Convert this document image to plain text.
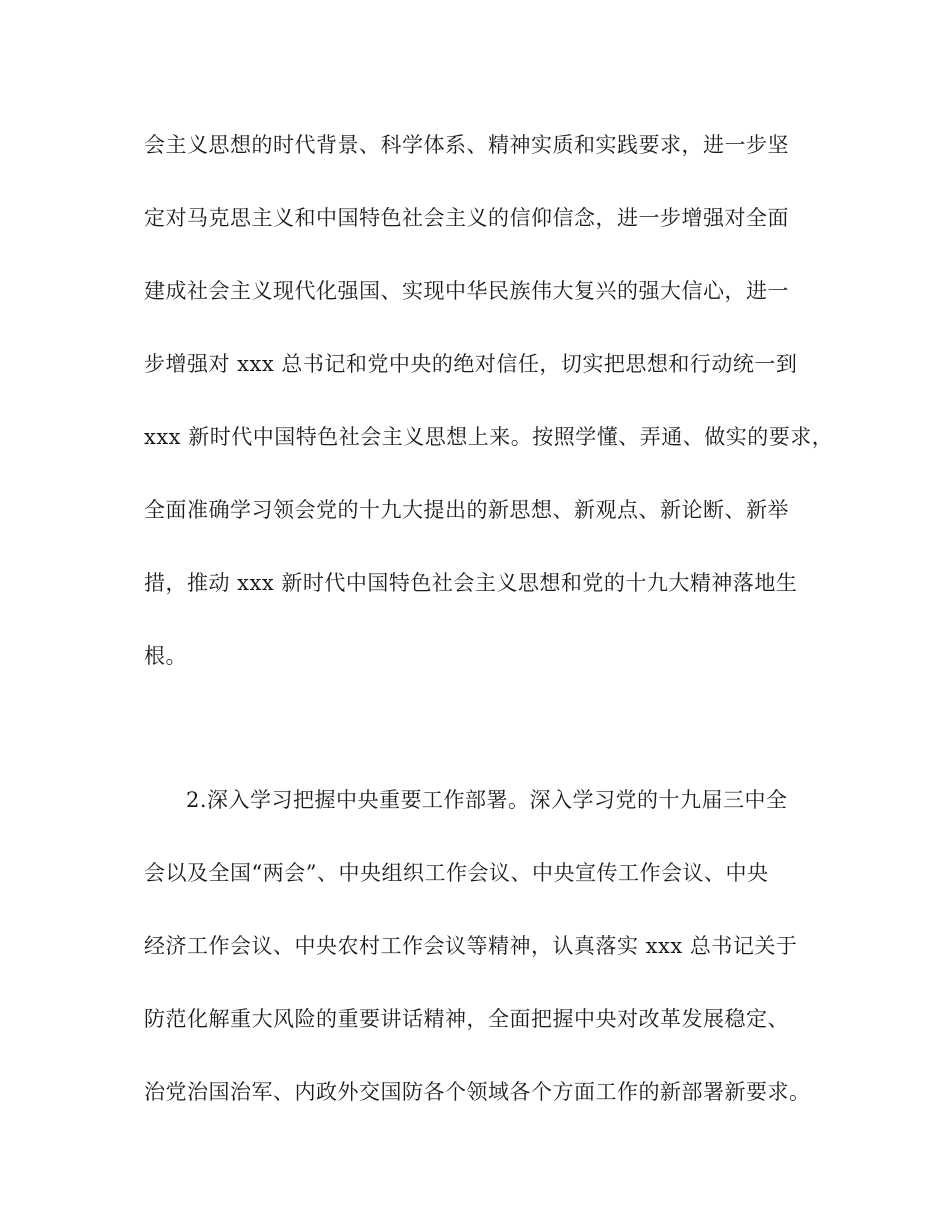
会主义思想的时代背景、科学体系、精神实质和实践要求，进一步坚
定对马克思主义和中国特色社会主义的信仰信念，进一步增强对全面
建成社会主义现代化强国、实现中华民族伟大复兴的强大信心，进一
步增强对 xxx 总书记和党中央的绝对信任，切实把思想和行动统一到
xxx 新时代中国特色社会主义思想上来。按照学懂、弄通、做实的要求，
全面准确学习领会党的十九大提出的新思想、新观点、新论断、新举
措，推动 xxx 新时代中国特色社会主义思想和党的十九大精神落地生
根。
2.深入学习把握中央重要工作部署。深入学习党的十九届三中全
会以及全国“两会”、中央组织工作会议、中央宣传工作会议、中央
经济工作会议、中央农村工作会议等精神，认真落实 xxx 总书记关于
防范化解重大风险的重要讲话精神，全面把握中央对改革发展稳定、
治党治国治军、内政外交国防各个领域各个方面工作的新部署新要求。
